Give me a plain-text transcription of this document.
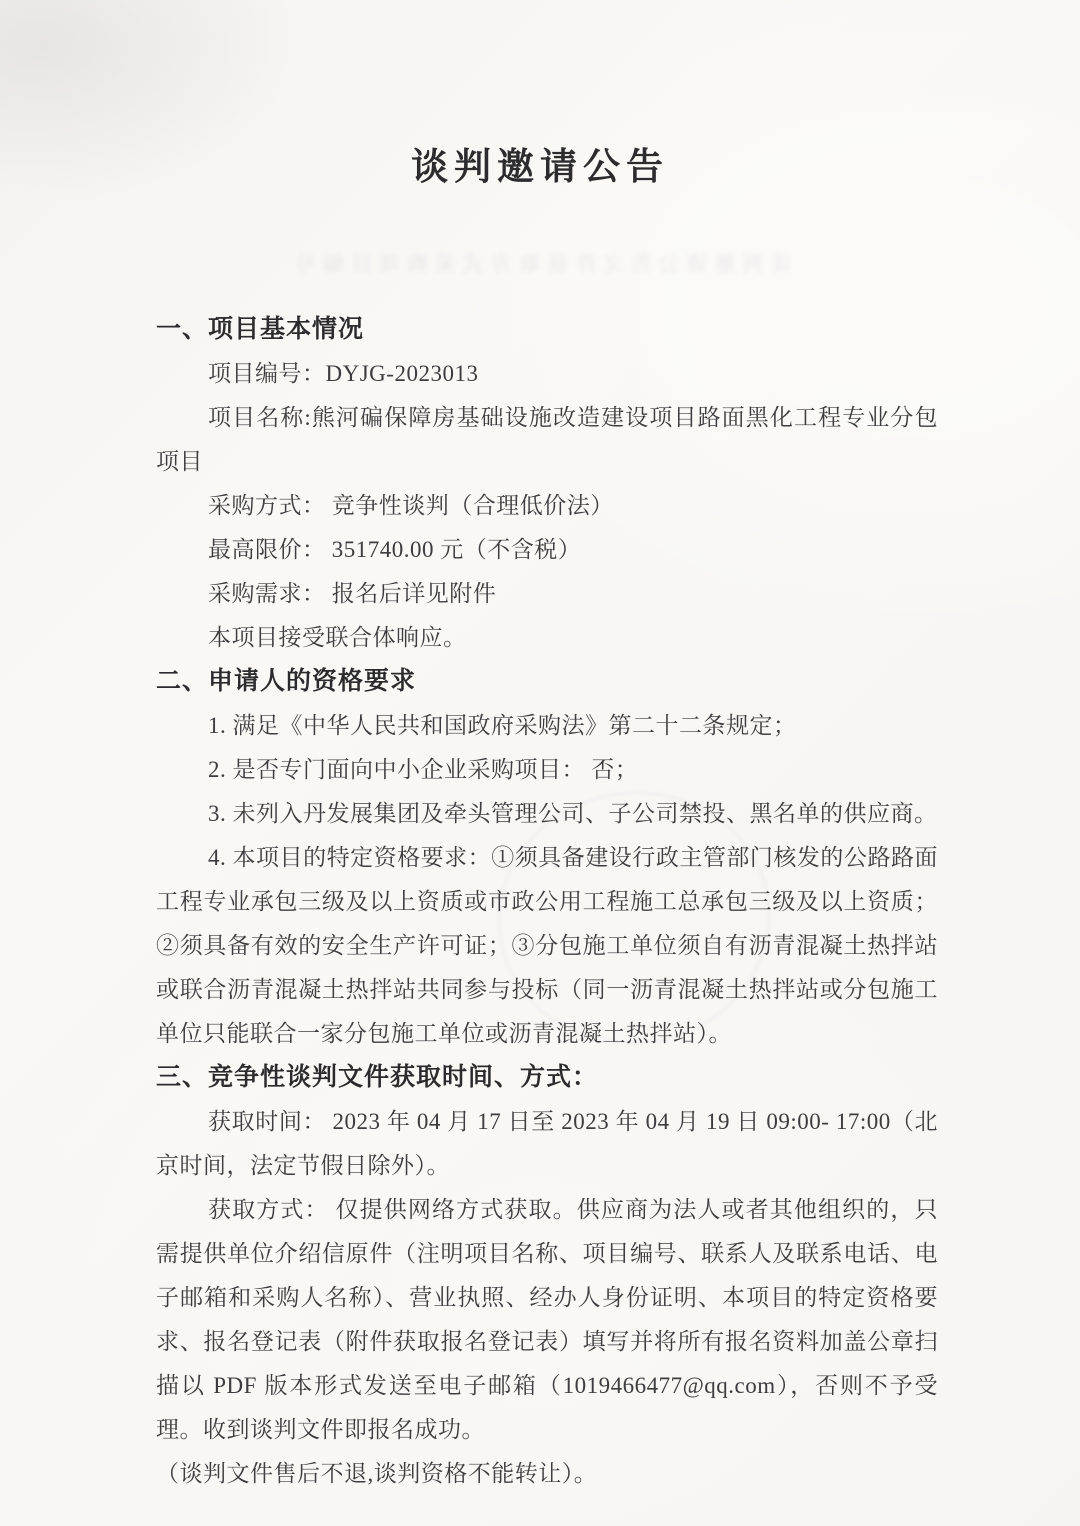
谈判邀请公告
谈判邀请公告文件获取方式采购项目编号

一、项目基本情况

项目编号：DYJG-2023013

项目名称:熊河碥保障房基础设施改造建设项目路面黑化工程专业分包项目

采购方式： 竞争性谈判（合理低价法）

最高限价： 351740.00 元（不含税）

采购需求： 报名后详见附件

本项目接受联合体响应。

二、申请人的资格要求

1. 满足《中华人民共和国政府采购法》第二十二条规定；

2. 是否专门面向中小企业采购项目： 否；

3. 未列入丹发展集团及牵头管理公司、子公司禁投、黑名单的供应商。

4. 本项目的特定资格要求：①须具备建设行政主管部门核发的公路路面工程专业承包三级及以上资质或市政公用工程施工总承包三级及以上资质；②须具备有效的安全生产许可证；③分包施工单位须自有沥青混凝土热拌站或联合沥青混凝土热拌站共同参与投标（同一沥青混凝土热拌站或分包施工单位只能联合一家分包施工单位或沥青混凝土热拌站）。

三、竞争性谈判文件获取时间、方式：

获取时间： 2023 年 04 月 17 日至 2023 年 04 月 19 日 09:00- 17:00（北京时间，法定节假日除外）。

获取方式： 仅提供网络方式获取。供应商为法人或者其他组织的，只需提供单位介绍信原件（注明项目名称、项目编号、联系人及联系电话、电子邮箱和采购人名称）、营业执照、经办人身份证明、本项目的特定资格要求、报名登记表（附件获取报名登记表）填写并将所有报名资料加盖公章扫描以 PDF 版本形式发送至电子邮箱（1019466477@qq.com），否则不予受理。收到谈判文件即报名成功。

（谈判文件售后不退,谈判资格不能转让）。
